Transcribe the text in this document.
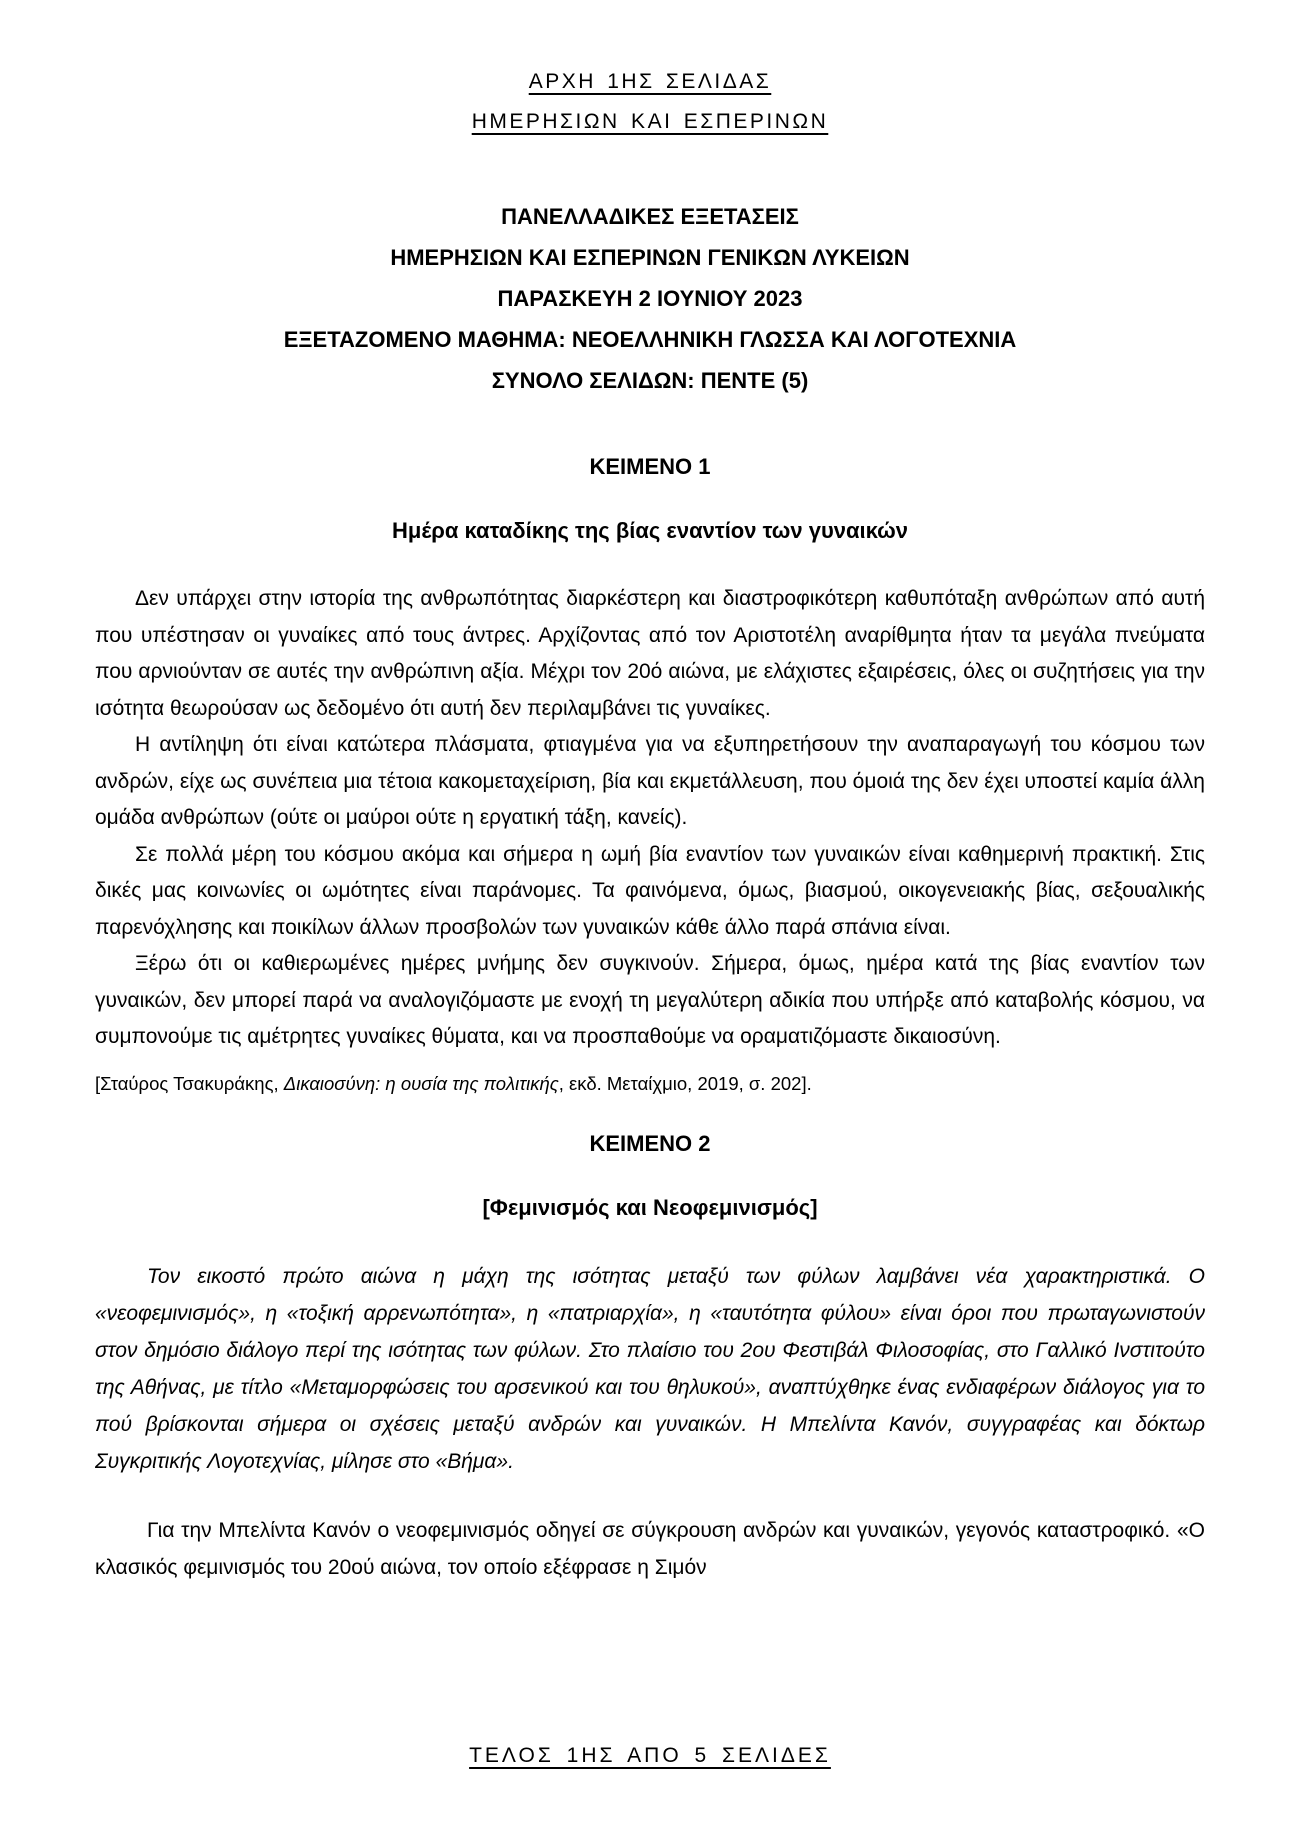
ΑΡΧΗ 1ΗΣ ΣΕΛΙΔΑΣ
ΗΜΕΡΗΣΙΩΝ ΚΑΙ ΕΣΠΕΡΙΝΩΝ
ΠΑΝΕΛΛΑΔΙΚΕΣ ΕΞΕΤΑΣΕΙΣ
ΗΜΕΡΗΣΙΩΝ ΚΑΙ ΕΣΠΕΡΙΝΩΝ ΓΕΝΙΚΩΝ ΛΥΚΕΙΩΝ
ΠΑΡΑΣΚΕΥΗ 2 ΙΟΥΝΙΟΥ 2023
ΕΞΕΤΑΖΟΜΕΝΟ ΜΑΘΗΜΑ: ΝΕΟΕΛΛΗΝΙΚΗ ΓΛΩΣΣΑ ΚΑΙ ΛΟΓΟΤΕΧΝΙΑ
ΣΥΝΟΛΟ ΣΕΛΙΔΩΝ: ΠΕΝΤΕ (5)
ΚΕΙΜΕΝΟ 1
Ημέρα καταδίκης της βίας εναντίον των γυναικών

Δεν υπάρχει στην ιστορία της ανθρωπότητας διαρκέστερη και διαστροφικότερη καθυπόταξη ανθρώπων από αυτή που υπέστησαν οι γυναίκες από τους άντρες. Αρχίζοντας από τον Αριστοτέλη αναρίθμητα ήταν τα μεγάλα πνεύματα που αρνιούνταν σε αυτές την ανθρώπινη αξία. Μέχρι τον 20ό αιώνα, με ελάχιστες εξαιρέσεις, όλες οι συζητήσεις για την ισότητα θεωρούσαν ως δεδομένο ότι αυτή δεν περιλαμβάνει τις γυναίκες.

Η αντίληψη ότι είναι κατώτερα πλάσματα, φτιαγμένα για να εξυπηρετήσουν την αναπαραγωγή του κόσμου των ανδρών, είχε ως συνέπεια μια τέτοια κακομεταχείριση, βία και εκμετάλλευση, που όμοιά της δεν έχει υποστεί καμία άλλη ομάδα ανθρώπων (ούτε οι μαύροι ούτε η εργατική τάξη, κανείς).

Σε πολλά μέρη του κόσμου ακόμα και σήμερα η ωμή βία εναντίον των γυναικών είναι καθημερινή πρακτική. Στις δικές μας κοινωνίες οι ωμότητες είναι παράνομες. Τα φαινόμενα, όμως, βιασμού, οικογενειακής βίας, σεξουαλικής παρενόχλησης και ποικίλων άλλων προσβολών των γυναικών κάθε άλλο παρά σπάνια είναι.

Ξέρω ότι οι καθιερωμένες ημέρες μνήμης δεν συγκινούν. Σήμερα, όμως, ημέρα κατά της βίας εναντίον των γυναικών, δεν μπορεί παρά να αναλογιζόμαστε με ενοχή τη μεγαλύτερη αδικία που υπήρξε από καταβολής κόσμου, να συμπονούμε τις αμέτρητες γυναίκες θύματα, και να προσπαθούμε να οραματιζόμαστε δικαιοσύνη.

[Σταύρος Τσακυράκης, Δικαιοσύνη: η ουσία της πολιτικής, εκδ. Μεταίχμιο, 2019, σ. 202].
ΚΕΙΜΕΝΟ 2
[Φεμινισμός και Νεοφεμινισμός]

Τον εικοστό πρώτο αιώνα η μάχη της ισότητας μεταξύ των φύλων λαμβάνει νέα χαρακτηριστικά. Ο «νεοφεμινισμός», η «τοξική αρρενωπότητα», η «πατριαρχία», η «ταυτότητα φύλου» είναι όροι που πρωταγωνιστούν στον δημόσιο διάλογο περί της ισότητας των φύλων. Στο πλαίσιο του 2ου Φεστιβάλ Φιλοσοφίας, στο Γαλλικό Ινστιτούτο της Αθήνας, με τίτλο «Μεταμορφώσεις του αρσενικού και του θηλυκού», αναπτύχθηκε ένας ενδιαφέρων διάλογος για το πού βρίσκονται σήμερα οι σχέσεις μεταξύ ανδρών και γυναικών. Η Μπελίντα Κανόν, συγγραφέας και δόκτωρ Συγκριτικής Λογοτεχνίας, μίλησε στο «Βήμα».

Για την Μπελίντα Κανόν ο νεοφεμινισμός οδηγεί σε σύγκρουση ανδρών και γυναικών, γεγονός καταστροφικό. «Ο κλασικός φεμινισμός του 20ού αιώνα, τον οποίο εξέφρασε η Σιμόν

ΤΕΛΟΣ 1ΗΣ ΑΠΟ 5 ΣΕΛΙΔΕΣ
